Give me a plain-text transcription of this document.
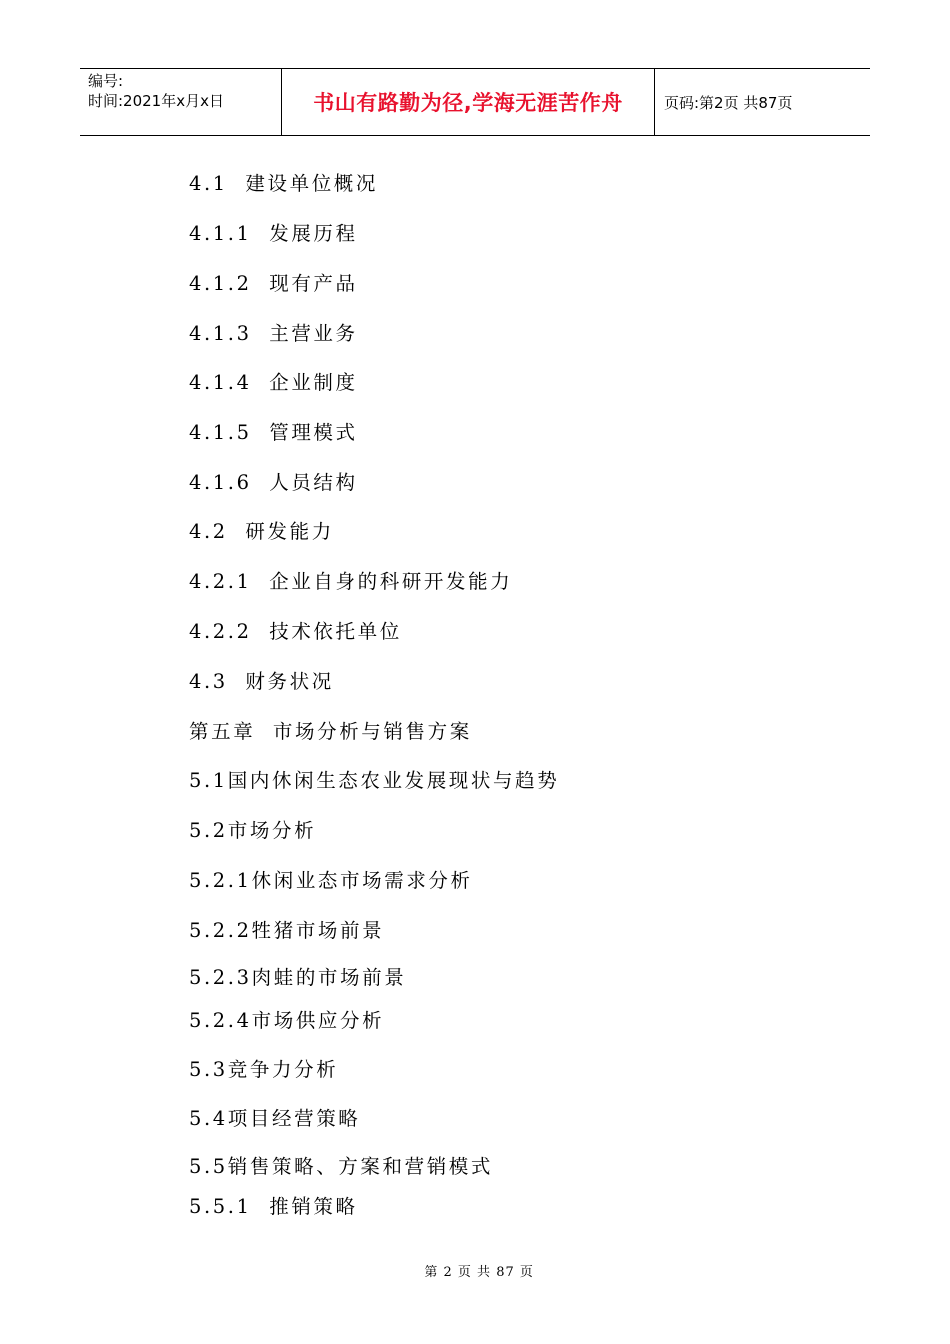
编号:
时间:2021年x月x日	书山有路勤为径,学海无涯苦作舟	页码:第2页 共87页
4.1  建设单位概况
4.1.1  发展历程
4.1.2  现有产品
4.1.3  主营业务
4.1.4  企业制度
4.1.5  管理模式
4.1.6  人员结构
4.2  研发能力
4.2.1  企业自身的科研开发能力
4.2.2  技术依托单位
4.3  财务状况
第五章  市场分析与销售方案
5.1国内休闲生态农业发展现状与趋势
5.2市场分析
5.2.1休闲业态市场需求分析
5.2.2牲猪市场前景
5.2.3肉蛙的市场前景
5.2.4市场供应分析
5.3竞争力分析
5.4项目经营策略
5.5销售策略、方案和营销模式
5.5.1  推销策略

第 2 页 共 87 页
